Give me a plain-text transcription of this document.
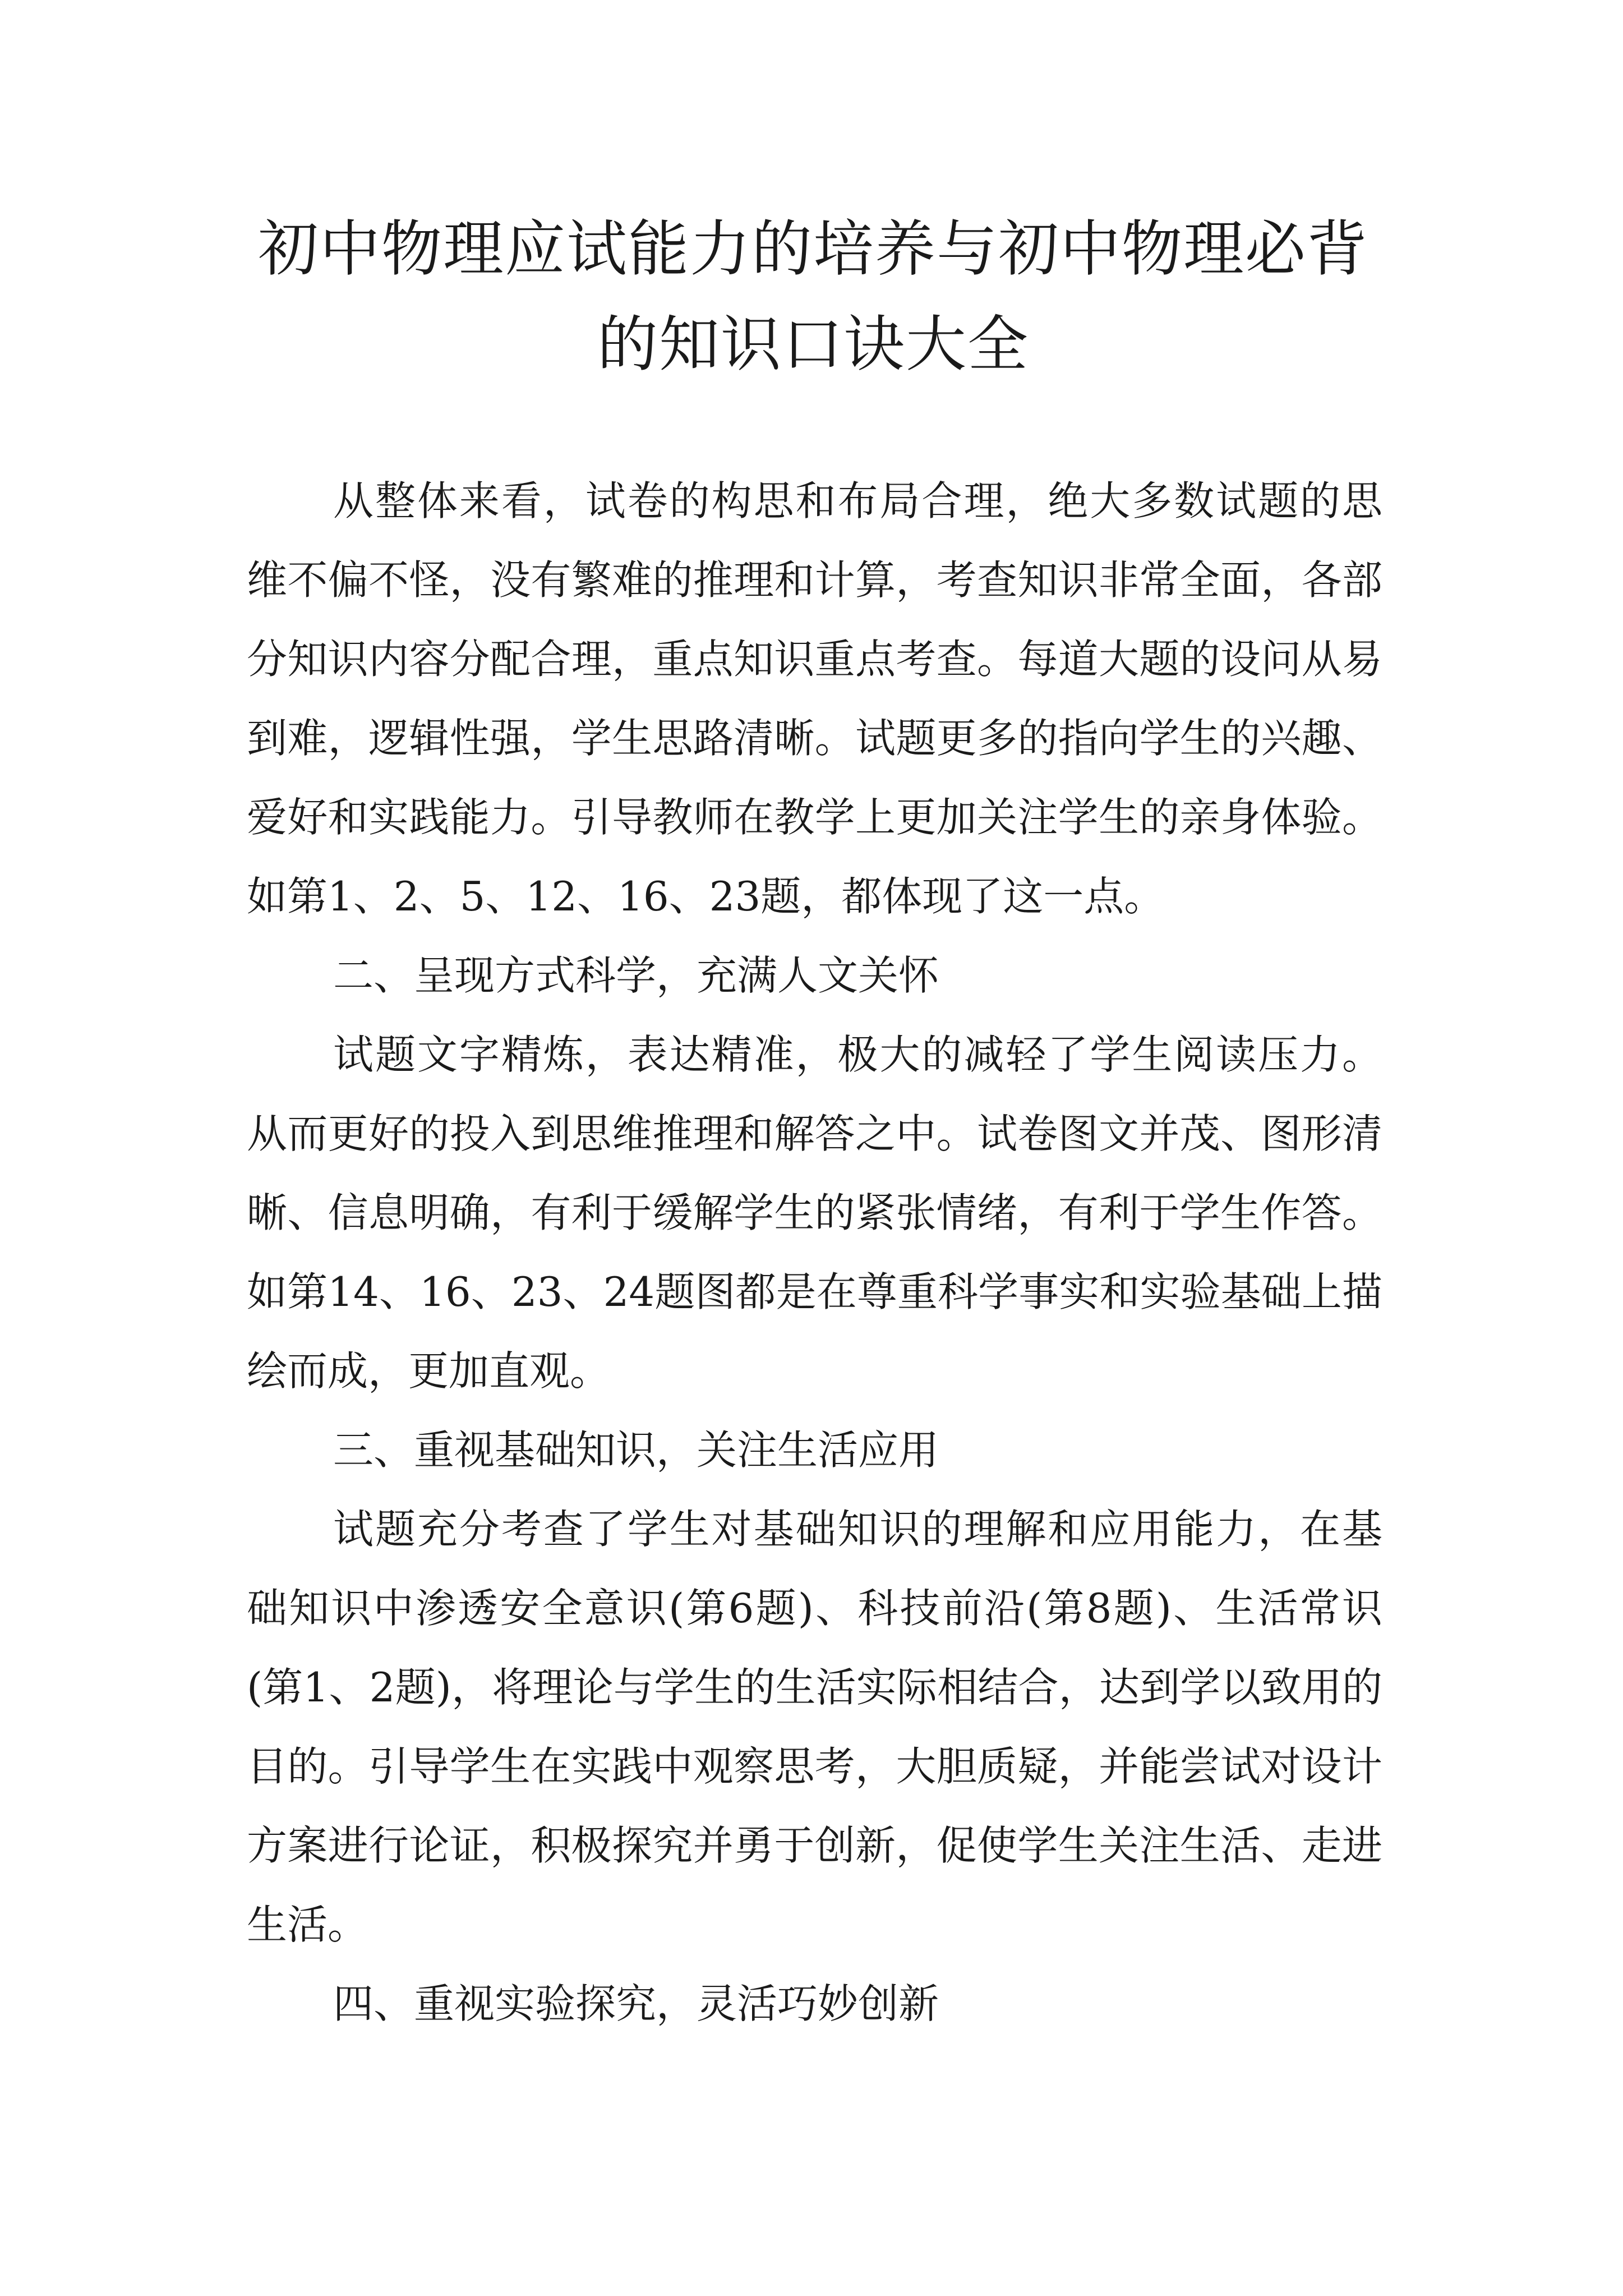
初中物理应试能力的培养与初中物理必背
的知识口诀大全

从整体来看，试卷的构思和布局合理，绝大多数试题的思维不偏不怪，没有繁难的推理和计算，考查知识非常全面，各部分知识内容分配合理，重点知识重点考查。每道大题的设问从易到难，逻辑性强，学生思路清晰。试题更多的指向学生的兴趣、爱好和实践能力。引导教师在教学上更加关注学生的亲身体验。如第1、2、5、12、16、23题，都体现了这一点。

二、呈现方式科学，充满人文关怀

试题文字精炼，表达精准，极大的减轻了学生阅读压力。从而更好的投入到思维推理和解答之中。试卷图文并茂、图形清晰、信息明确，有利于缓解学生的紧张情绪，有利于学生作答。如第14、16、23、24题图都是在尊重科学事实和实验基础上描绘而成，更加直观。

三、重视基础知识，关注生活应用

试题充分考查了学生对基础知识的理解和应用能力，在基础知识中渗透安全意识(第6题)、科技前沿(第8题)、生活常识(第1、2题)，将理论与学生的生活实际相结合，达到学以致用的目的。引导学生在实践中观察思考，大胆质疑，并能尝试对设计方案进行论证，积极探究并勇于创新，促使学生关注生活、走进生活。

四、重视实验探究，灵活巧妙创新
